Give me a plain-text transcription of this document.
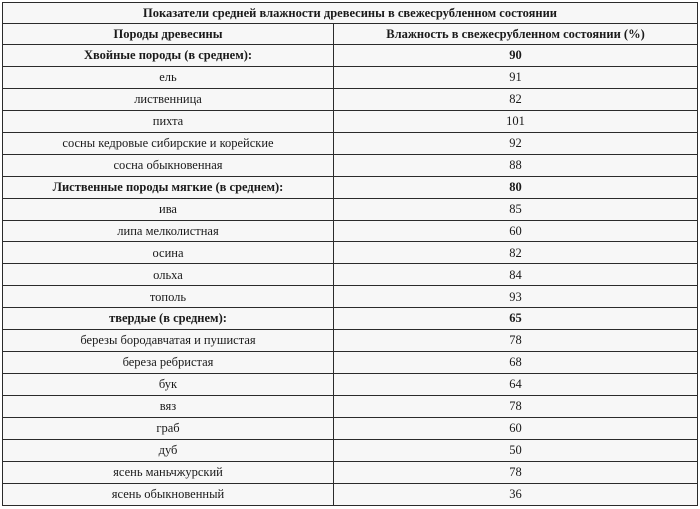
Показатели средней влажности древесины в свежесрубленном состоянии	
Породы древесины	Влажность в свежесрубленном состоянии (%)
Хвойные породы (в среднем):	90
ель	91
лиственница	82
пихта	101
сосны кедровые сибирские и корейские	92
сосна обыкновенная	88
Лиственные породы мягкие (в среднем):	80
ива	85
липа мелколистная	60
осина	82
ольха	84
тополь	93
твердые (в среднем):	65
березы бородавчатая и пушистая	78
береза ребристая	68
бук	64
вяз	78
граб	60
дуб	50
ясень маньчжурский	78
ясень обыкновенный	36
